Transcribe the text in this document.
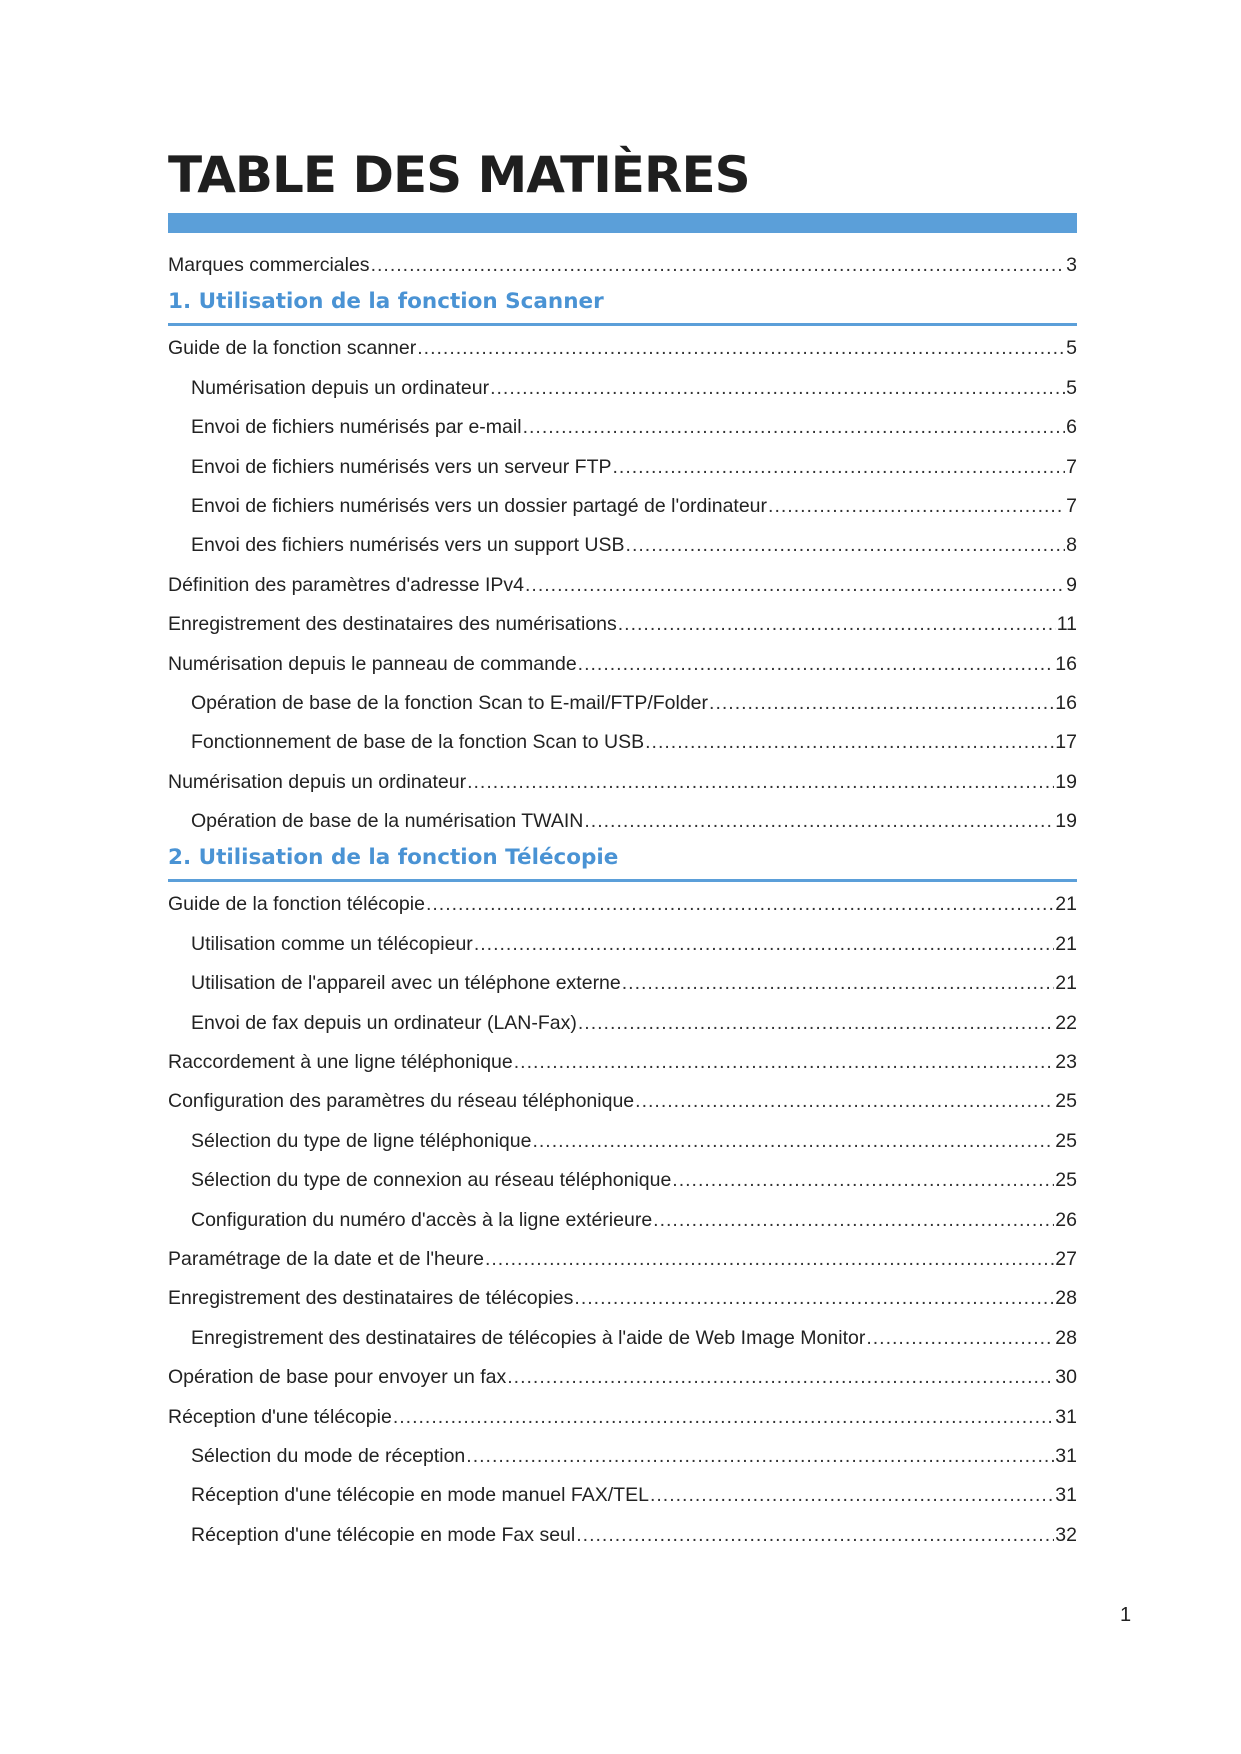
TABLE DES MATIÈRES
Marques commerciales .....	3
1. Utilisation de la fonction Scanner
Guide de la fonction scanner .....	5
Numérisation depuis un ordinateur .....	5
Envoi de fichiers numérisés par e-mail .....	6
Envoi de fichiers numérisés vers un serveur FTP .....	7
Envoi de fichiers numérisés vers un dossier partagé de l'ordinateur .....	7
Envoi des fichiers numérisés vers un support USB .....	8
Définition des paramètres d'adresse IPv4 .....	9
Enregistrement des destinataires des numérisations .....	11
Numérisation depuis le panneau de commande .....	16
Opération de base de la fonction Scan to E-mail/FTP/Folder .....	16
Fonctionnement de base de la fonction Scan to USB .....	17
Numérisation depuis un ordinateur .....	19
Opération de base de la numérisation TWAIN .....	19
2. Utilisation de la fonction Télécopie
Guide de la fonction télécopie .....	21
Utilisation comme un télécopieur .....	21
Utilisation de l'appareil avec un téléphone externe .....	21
Envoi de fax depuis un ordinateur (LAN-Fax) .....	22
Raccordement à une ligne téléphonique .....	23
Configuration des paramètres du réseau téléphonique .....	25
Sélection du type de ligne téléphonique .....	25
Sélection du type de connexion au réseau téléphonique .....	25
Configuration du numéro d'accès à la ligne extérieure .....	26
Paramétrage de la date et de l'heure .....	27
Enregistrement des destinataires de télécopies .....	28
Enregistrement des destinataires de télécopies à l'aide de Web Image Monitor .....	28
Opération de base pour envoyer un fax .....	30
Réception d'une télécopie .....	31
Sélection du mode de réception .....	31
Réception d'une télécopie en mode manuel FAX/TEL .....	31
Réception d'une télécopie en mode Fax seul .....	32
1
